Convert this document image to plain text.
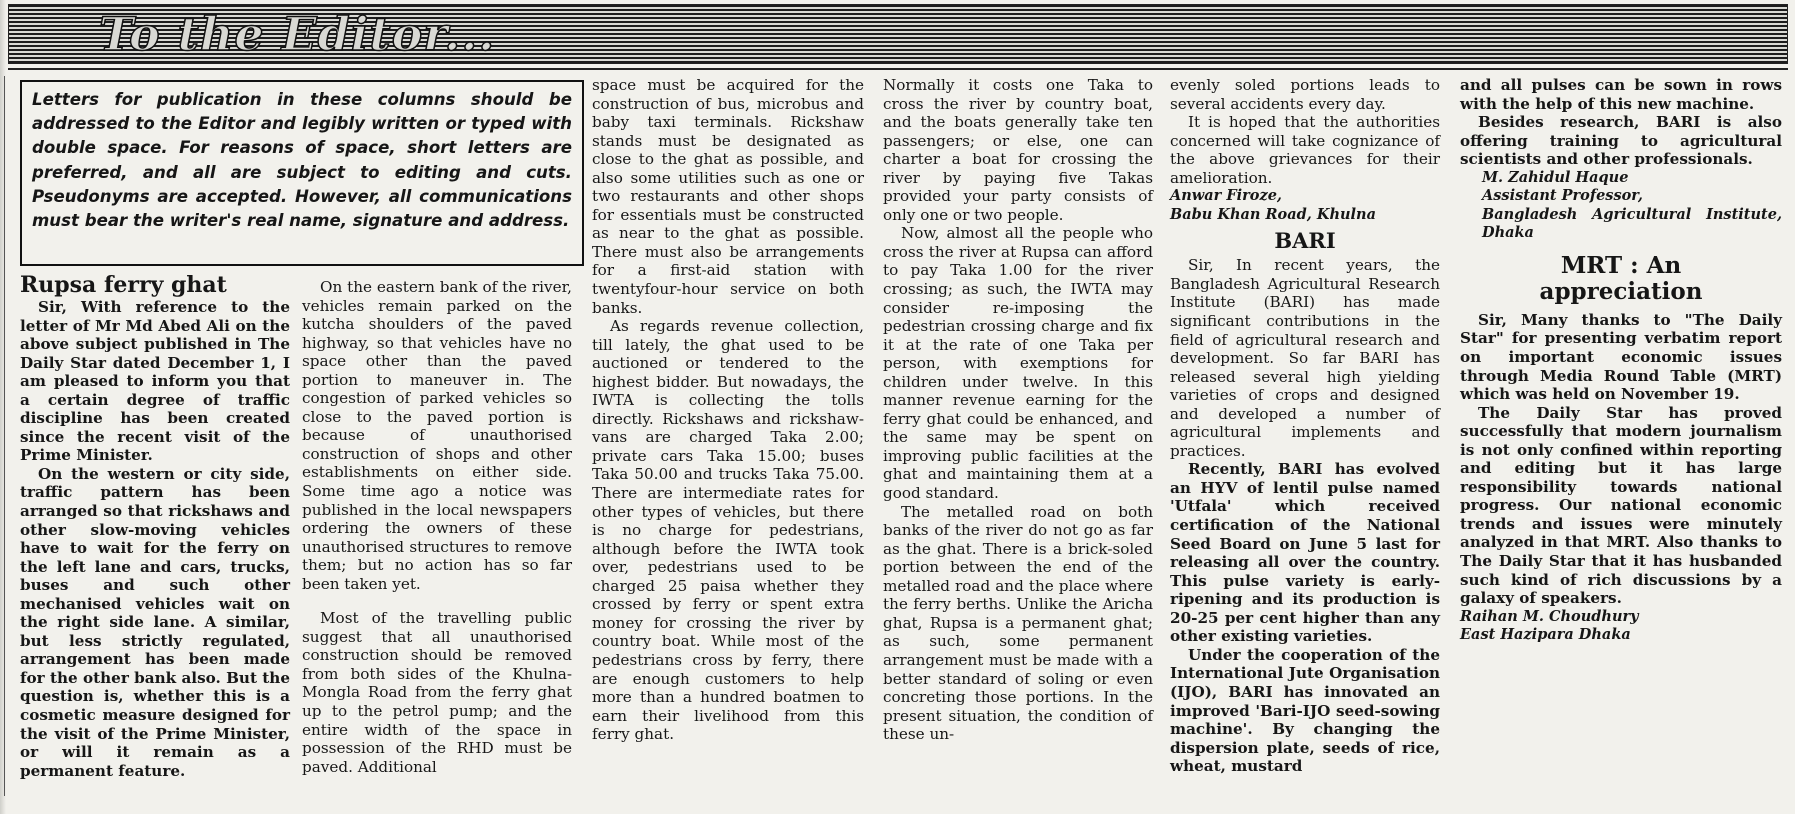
To the Editor...
Letters for publication in these columns should be addressed to the Editor and legibly written or typed with double space. For reasons of space, short letters are preferred, and all are subject to editing and cuts. Pseudonyms are accepted. However, all communications must bear the writer's real name, signature and address.

Rupsa ferry ghat

Sir, With reference to the letter of Mr Md Abed Ali on the above subject published in The Daily Star dated December 1, I am pleased to inform you that a certain degree of traffic discipline has been created since the recent visit of the Prime Minister.

On the western or city side, traffic pattern has been arranged so that rickshaws and other slow-moving vehicles have to wait for the ferry on the left lane and cars, trucks, buses and such other mechanised vehicles wait on the right side lane. A similar, but less strictly regulated, arrangement has been made for the other bank also. But the question is, whether this is a cosmetic measure designed for the visit of the Prime Minister, or will it remain as a permanent feature.

On the eastern bank of the river, vehicles remain parked on the kutcha shoulders of the paved highway, so that vehicles have no space other than the paved portion to maneuver in. The congestion of parked vehicles so close to the paved portion is because of unauthorised construction of shops and other establishments on either side. Some time ago a notice was published in the local newspapers ordering the owners of these unauthorised structures to remove them; but no action has so far been taken yet.

Most of the travelling public suggest that all unauthorised construction should be removed from both sides of the Khulna-Mongla Road from the ferry ghat up to the petrol pump; and the entire width of the space in possession of the RHD must be paved. Additional

space must be acquired for the construction of bus, microbus and baby taxi terminals. Rickshaw stands must be designated as close to the ghat as possible, and also some utilities such as one or two restaurants and other shops for essentials must be constructed as near to the ghat as possible. There must also be arrangements for a first-aid station with twentyfour-hour service on both banks.

As regards revenue collection, till lately, the ghat used to be auctioned or tendered to the highest bidder. But nowadays, the IWTA is collecting the tolls directly. Rickshaws and rickshaw-vans are charged Taka 2.00; private cars Taka 15.00; buses Taka 50.00 and trucks Taka 75.00. There are intermediate rates for other types of vehicles, but there is no charge for pedestrians, although before the IWTA took over, pedestrians used to be charged 25 paisa whether they crossed by ferry or spent extra money for crossing the river by country boat. While most of the pedestrians cross by ferry, there are enough customers to help more than a hundred boatmen to earn their livelihood from this ferry ghat.

Normally it costs one Taka to cross the river by country boat, and the boats generally take ten passengers; or else, one can charter a boat for crossing the river by paying five Takas provided your party consists of only one or two people.

Now, almost all the people who cross the river at Rupsa can afford to pay Taka 1.00 for the river crossing; as such, the IWTA may consider re-imposing the pedestrian crossing charge and fix it at the rate of one Taka per person, with exemptions for children under twelve. In this manner revenue earning for the ferry ghat could be enhanced, and the same may be spent on improving public facilities at the ghat and maintaining them at a good standard.

The metalled road on both banks of the river do not go as far as the ghat. There is a brick-soled portion between the end of the metalled road and the place where the ferry berths. Unlike the Aricha ghat, Rupsa is a permanent ghat; as such, some permanent arrangement must be made with a better standard of soling or even concreting those portions. In the present situation, the condition of these un-

evenly soled portions leads to several accidents every day.

It is hoped that the authorities concerned will take cognizance of the above grievances for their amelioration.

Anwar Firoze,

Babu Khan Road, Khulna

BARI

Sir, In recent years, the Bangladesh Agricultural Research Institute (BARI) has made significant contributions in the field of agricultural research and development. So far BARI has released several high yielding varieties of crops and designed and developed a number of agricultural implements and practices.

Recently, BARI has evolved an HYV of lentil pulse named 'Utfala' which received certification of the National Seed Board on June 5 last for releasing all over the country. This pulse variety is early-ripening and its production is 20-25 per cent higher than any other existing varieties.

Under the cooperation of the International Jute Organisation (IJO), BARI has innovated an improved 'Bari-IJO seed-sowing machine'. By changing the dispersion plate, seeds of rice, wheat, mustard

and all pulses can be sown in rows with the help of this new machine.

Besides research, BARI is also offering training to agricultural scientists and other professionals.

M. Zahidul Haque

Assistant Professor,

Bangladesh Agricultural Institute, Dhaka

MRT : An appreciation

Sir, Many thanks to "The Daily Star" for presenting verbatim report on important economic issues through Media Round Table (MRT) which was held on November 19.

The Daily Star has proved successfully that modern journalism is not only confined within reporting and editing but it has large responsibility towards national progress. Our national economic trends and issues were minutely analyzed in that MRT. Also thanks to The Daily Star that it has husbanded such kind of rich discussions by a galaxy of speakers.

Raihan M. Choudhury

East Hazipara Dhaka
